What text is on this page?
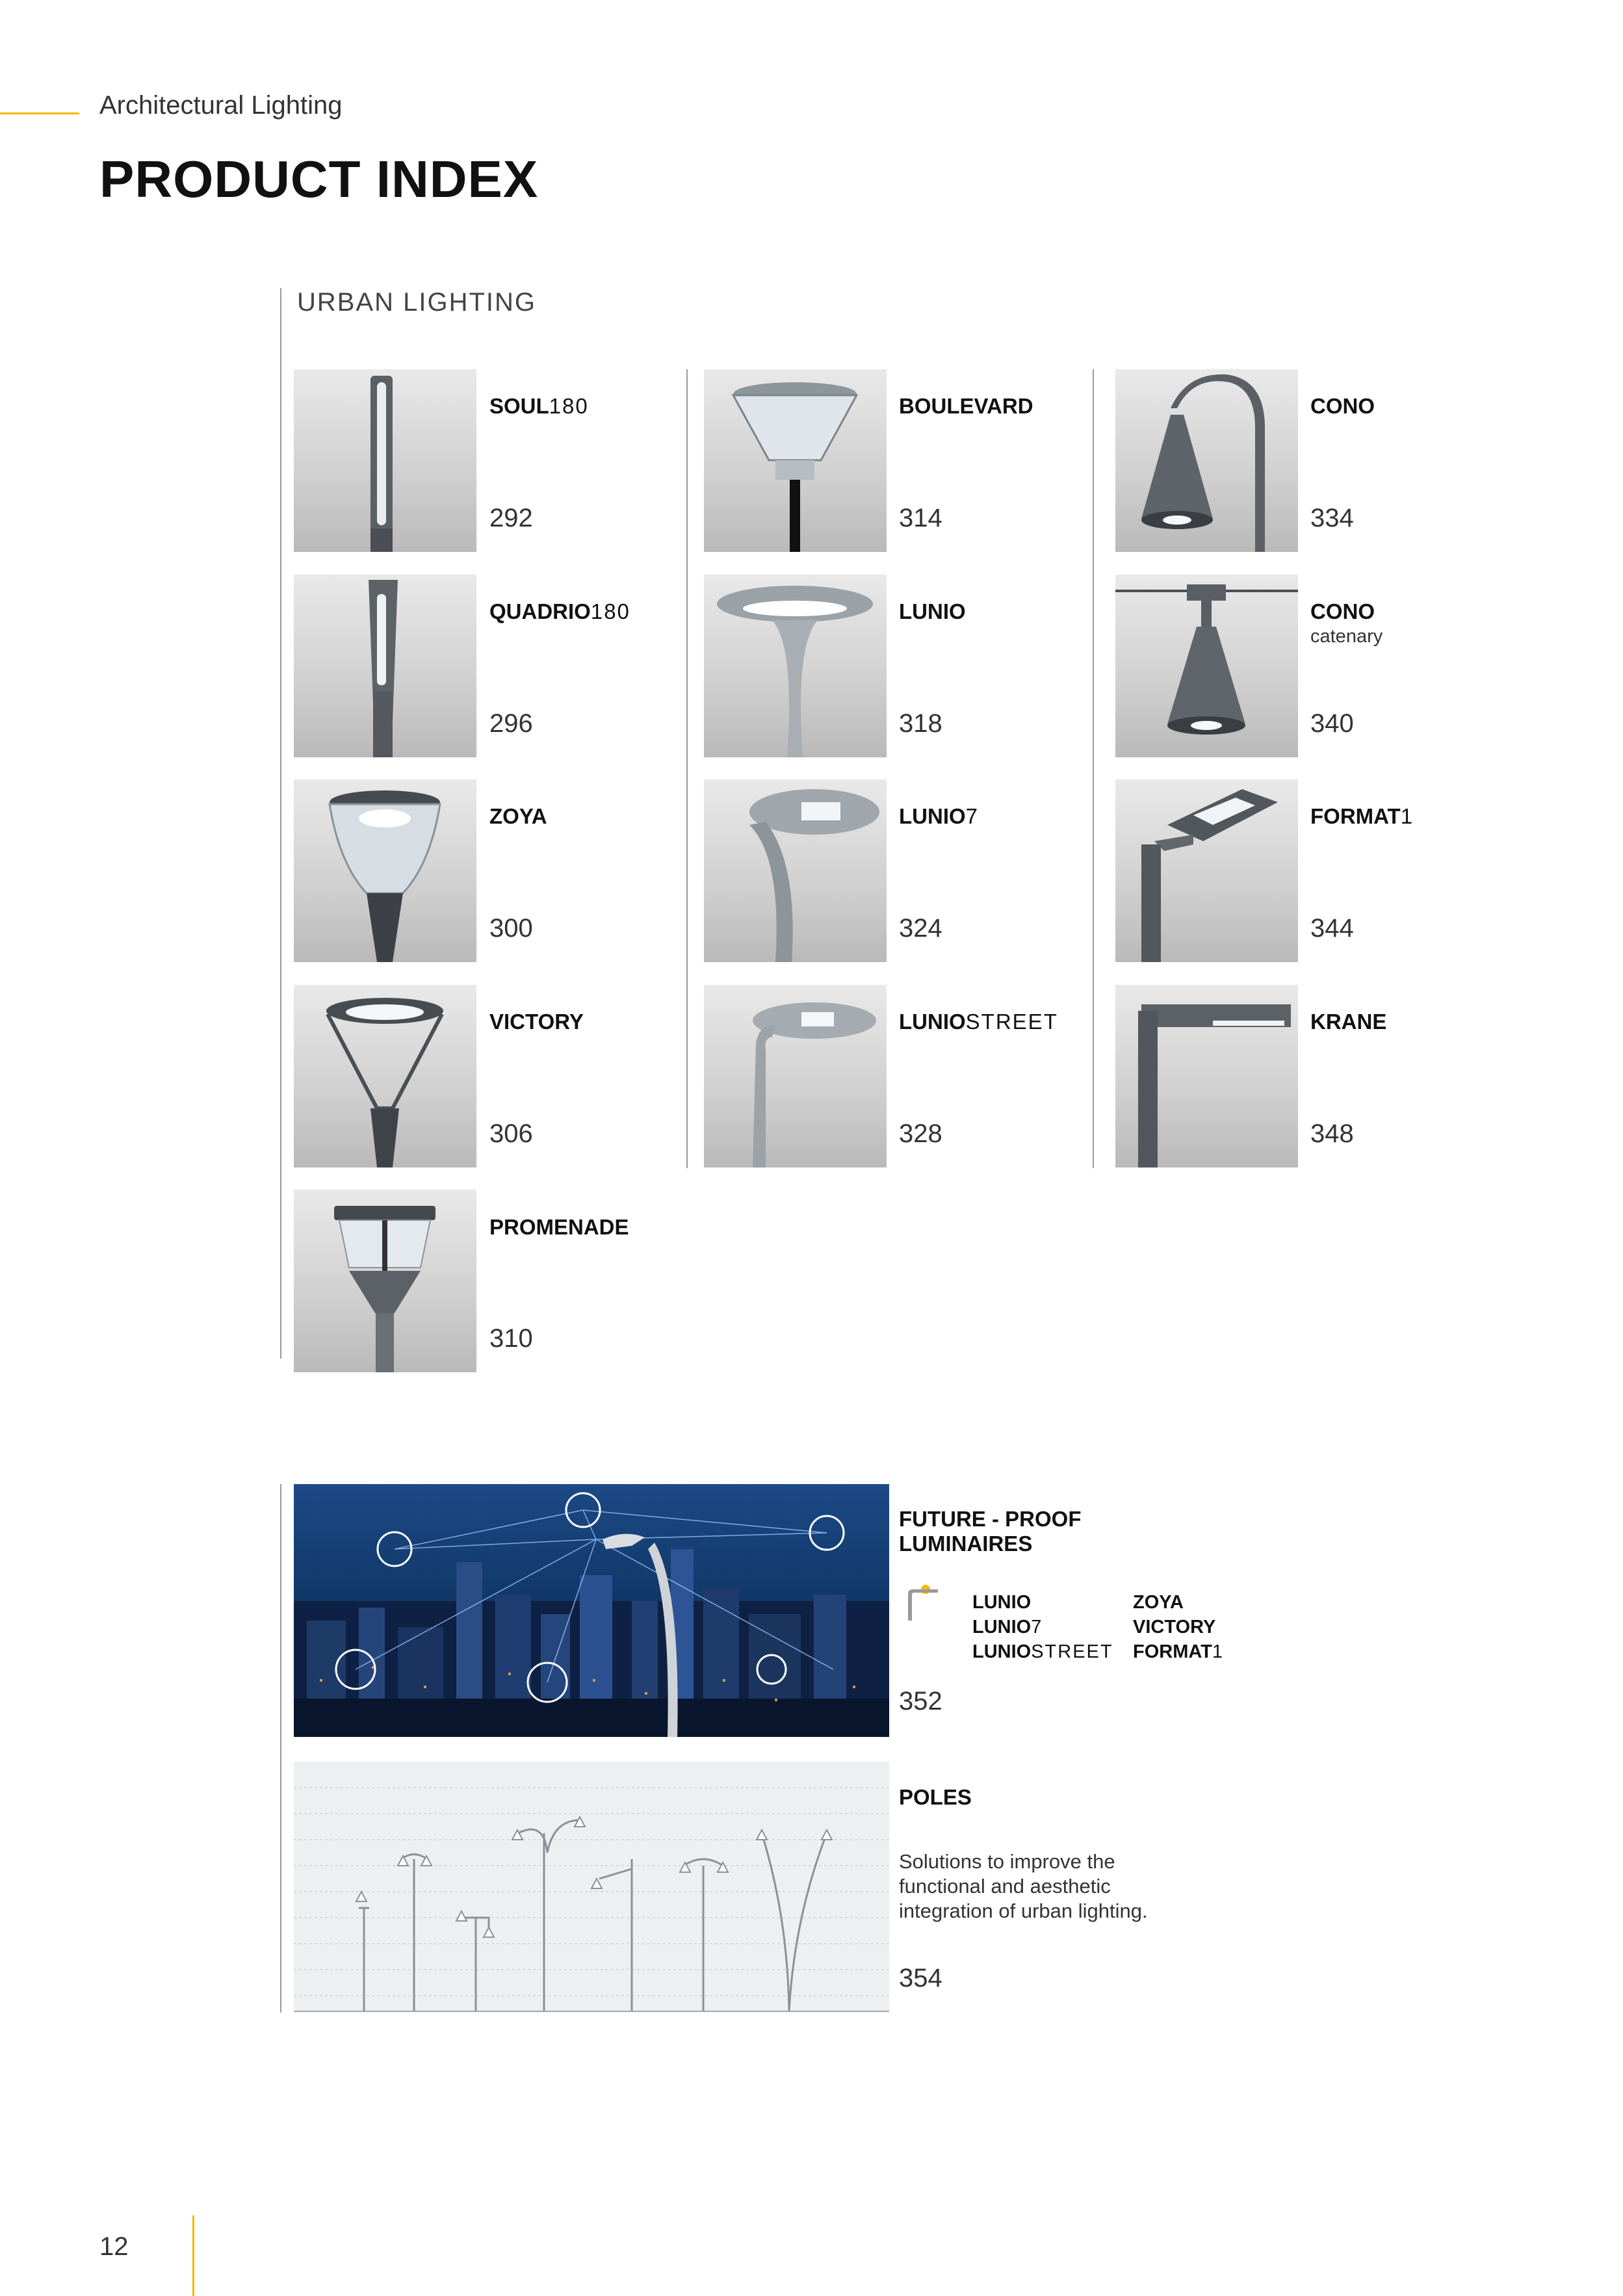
Architectural Lighting
PRODUCT INDEX
URBAN LIGHTING
SOUL180
292
QUADRIO180
296
ZOYA
300
VICTORY
306
PROMENADE
310
BOULEVARD
314
LUNIO
318
LUNIO7
324
LUNIOSTREET
328
CONO
334
CONO
catenary
340
FORMAT1
344
KRANE
348
FUTURE - PROOF
LUMINAIRES
LUNIO
LUNIO7
LUNIOSTREET
ZOYA
VICTORY
FORMAT1
352
POLES
Solutions to improve the functional and aesthetic integration of urban lighting.
354
12
